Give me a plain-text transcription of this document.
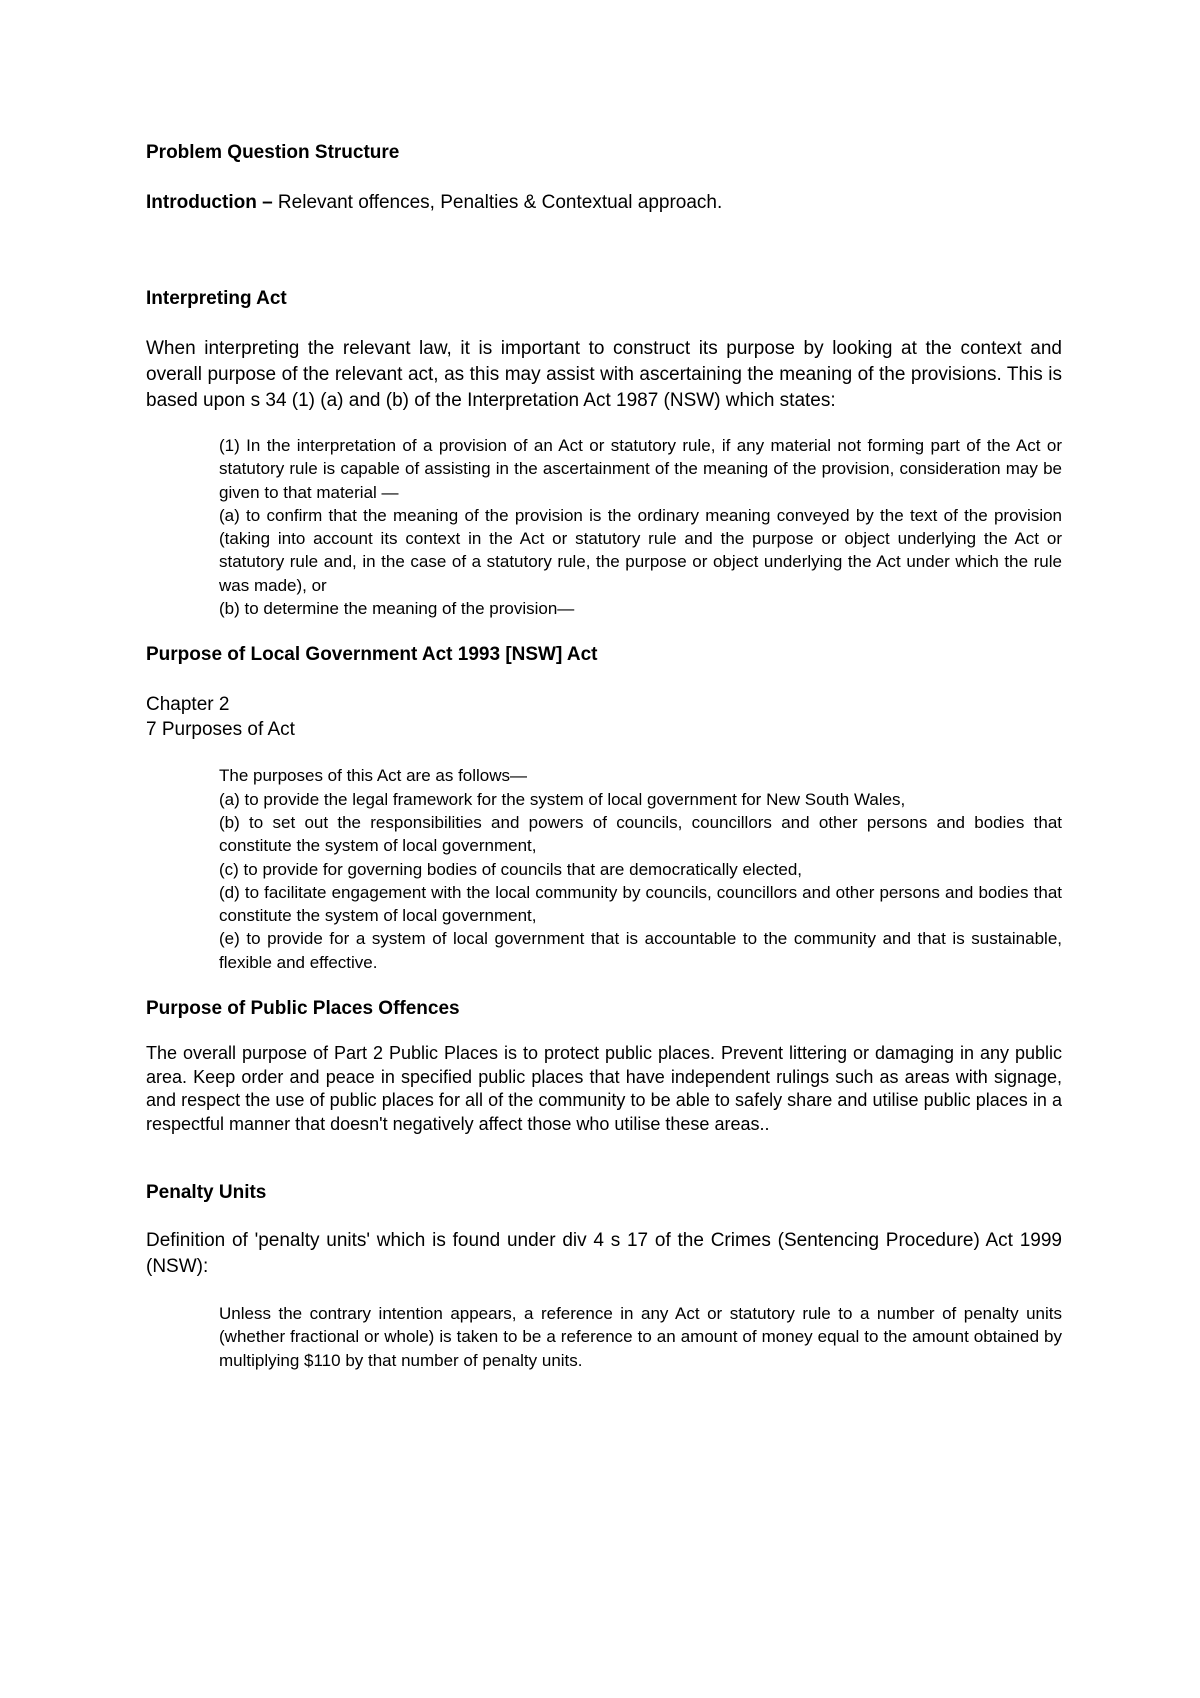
Problem Question Structure

Introduction – Relevant offences, Penalties & Contextual approach.

Interpreting Act

When interpreting the relevant law, it is important to construct its purpose by looking at the context and overall purpose of the relevant act, as this may assist with ascertaining the meaning of the provisions. This is based upon s 34 (1) (a) and (b) of the Interpretation Act 1987 (NSW) which states:

(1) In the interpretation of a provision of an Act or statutory rule, if any material not forming part of the Act or statutory rule is capable of assisting in the ascertainment of the meaning of the provision, consideration may be given to that material —

(a) to confirm that the meaning of the provision is the ordinary meaning conveyed by the text of the provision (taking into account its context in the Act or statutory rule and the purpose or object underlying the Act or statutory rule and, in the case of a statutory rule, the purpose or object underlying the Act under which the rule was made), or

(b) to determine the meaning of the provision—

Purpose of Local Government Act 1993 [NSW] Act

Chapter 2

7 Purposes of Act

The purposes of this Act are as follows—

(a) to provide the legal framework for the system of local government for New South Wales,

(b) to set out the responsibilities and powers of councils, councillors and other persons and bodies that constitute the system of local government,

(c) to provide for governing bodies of councils that are democratically elected,

(d) to facilitate engagement with the local community by councils, councillors and other persons and bodies that constitute the system of local government,

(e) to provide for a system of local government that is accountable to the community and that is sustainable, flexible and effective.

Purpose of Public Places Offences

The overall purpose of Part 2 Public Places is to protect public places. Prevent littering or damaging in any public area. Keep order and peace in specified public places that have independent rulings such as areas with signage, and respect the use of public places for all of the community to be able to safely share and utilise public places in a respectful manner that doesn't negatively affect those who utilise these areas..

Penalty Units

Definition of 'penalty units' which is found under div 4 s 17 of the Crimes (Sentencing Procedure) Act 1999 (NSW):

Unless the contrary intention appears, a reference in any Act or statutory rule to a number of penalty units (whether fractional or whole) is taken to be a reference to an amount of money equal to the amount obtained by multiplying $110 by that number of penalty units.
